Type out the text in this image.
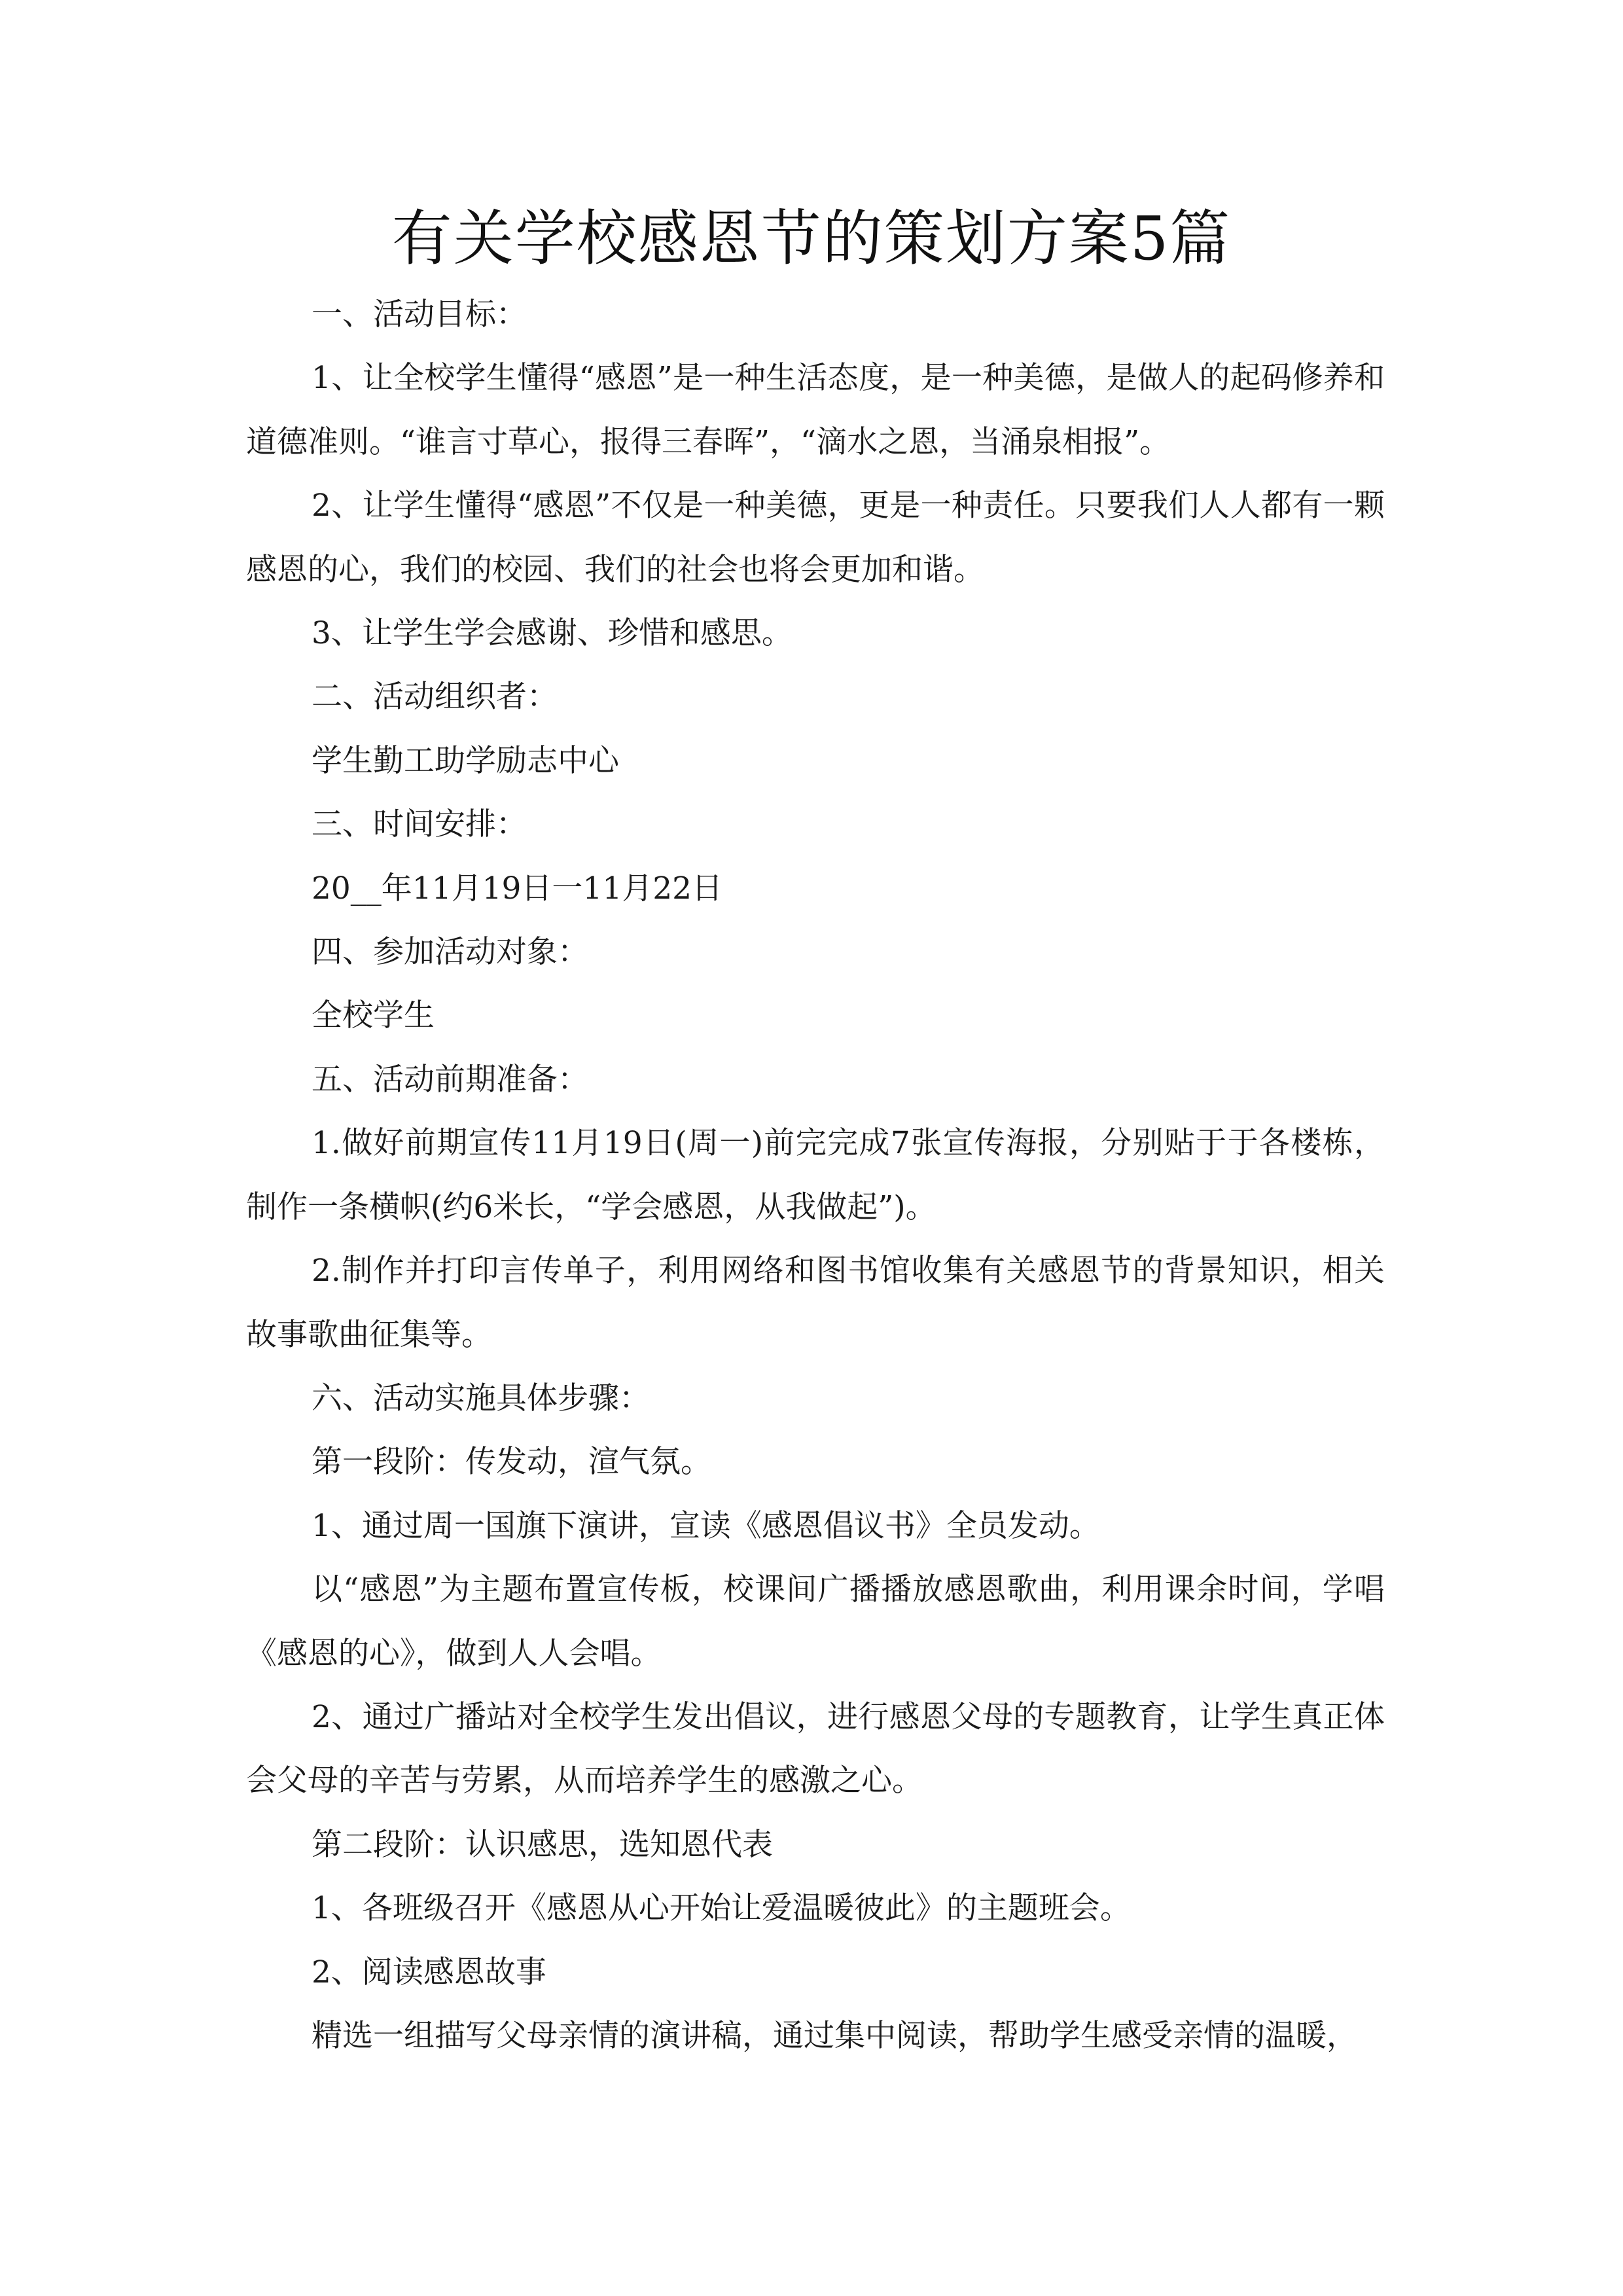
有关学校感恩节的策划方案5篇

一、活动目标：

1、让全校学生懂得“感恩”是一种生活态度，是一种美德，是做人的起码修养和道德准则。“谁言寸草心，报得三春晖”，“滴水之恩，当涌泉相报”。

2、让学生懂得“感恩”不仅是一种美德，更是一种责任。只要我们人人都有一颗感恩的心，我们的校园、我们的社会也将会更加和谐。

3、让学生学会感谢、珍惜和感思。

二、活动组织者：

学生勤工助学励志中心

三、时间安排：

20__年11月19日一11月22日

四、参加活动对象：

全校学生

五、活动前期准备：

1.做好前期宣传11月19日(周一)前完完成7张宣传海报，分别贴于于各楼栋，制作一条横帜(约6米长，“学会感恩，从我做起”)。

2.制作并打印言传单子，利用网络和图书馆收集有关感恩节的背景知识，相关故事歌曲征集等。

六、活动实施具体步骤：

第一段阶：传发动，渲气氛。

1、通过周一国旗下演讲，宣读《感恩倡议书》全员发动。

以“感恩”为主题布置宣传板，校课间广播播放感恩歌曲，利用课余时间，学唱《感恩的心》，做到人人会唱。

2、通过广播站对全校学生发出倡议，进行感恩父母的专题教育，让学生真正体会父母的辛苦与劳累，从而培养学生的感激之心。

第二段阶：认识感思，选知恩代表

1、各班级召开《感恩从心开始让爱温暖彼此》的主题班会。

2、阅读感恩故事

精选一组描写父母亲情的演讲稿，通过集中阅读，帮助学生感受亲情的温暖，
